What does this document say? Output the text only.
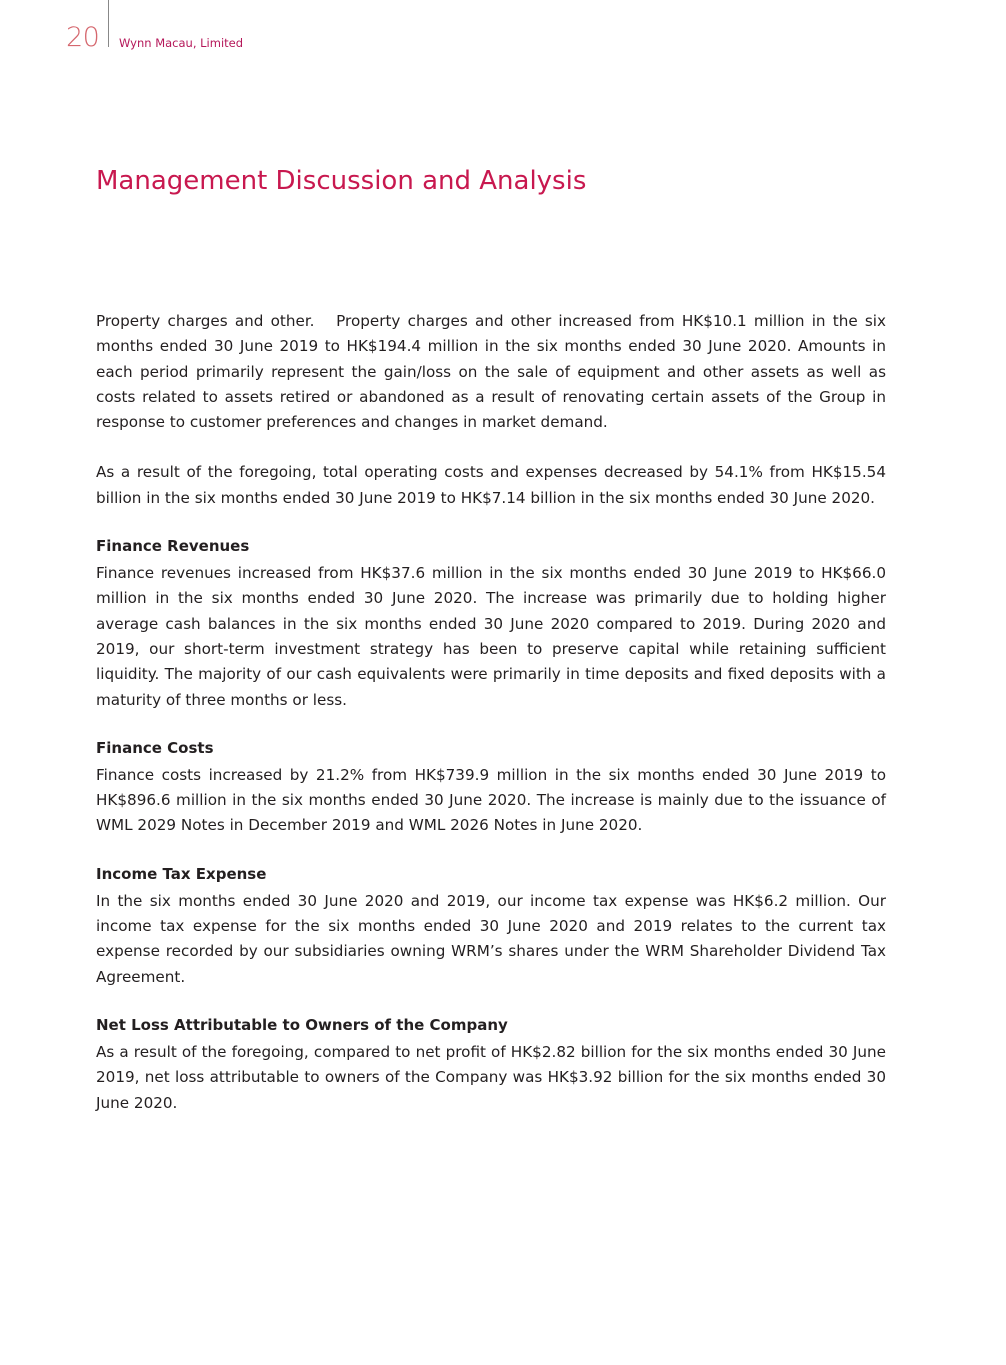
20 Wynn Macau, Limited
Management Discussion and Analysis

Property charges and other. Property charges and other increased from HK$10.1 million in the six months ended 30 June 2019 to HK$194.4 million in the six months ended 30 June 2020. Amounts in each period primarily represent the gain/loss on the sale of equipment and other assets as well as costs related to assets retired or abandoned as a result of renovating certain assets of the Group in response to customer preferences and changes in market demand.

As a result of the foregoing, total operating costs and expenses decreased by 54.1% from HK$15.54 billion in the six months ended 30 June 2019 to HK$7.14 billion in the six months ended 30 June 2020.

Finance Revenues

Finance revenues increased from HK$37.6 million in the six months ended 30 June 2019 to HK$66.0 million in the six months ended 30 June 2020. The increase was primarily due to holding higher average cash balances in the six months ended 30 June 2020 compared to 2019. During 2020 and 2019, our short-term investment strategy has been to preserve capital while retaining sufficient liquidity. The majority of our cash equivalents were primarily in time deposits and fixed deposits with a maturity of three months or less.

Finance Costs

Finance costs increased by 21.2% from HK$739.9 million in the six months ended 30 June 2019 to HK$896.6 million in the six months ended 30 June 2020. The increase is mainly due to the issuance of WML 2029 Notes in December 2019 and WML 2026 Notes in June 2020.

Income Tax Expense

In the six months ended 30 June 2020 and 2019, our income tax expense was HK$6.2 million. Our income tax expense for the six months ended 30 June 2020 and 2019 relates to the current tax expense recorded by our subsidiaries owning WRM’s shares under the WRM Shareholder Dividend Tax Agreement.

Net Loss Attributable to Owners of the Company

As a result of the foregoing, compared to net profit of HK$2.82 billion for the six months ended 30 June 2019, net loss attributable to owners of the Company was HK$3.92 billion for the six months ended 30 June 2020.
